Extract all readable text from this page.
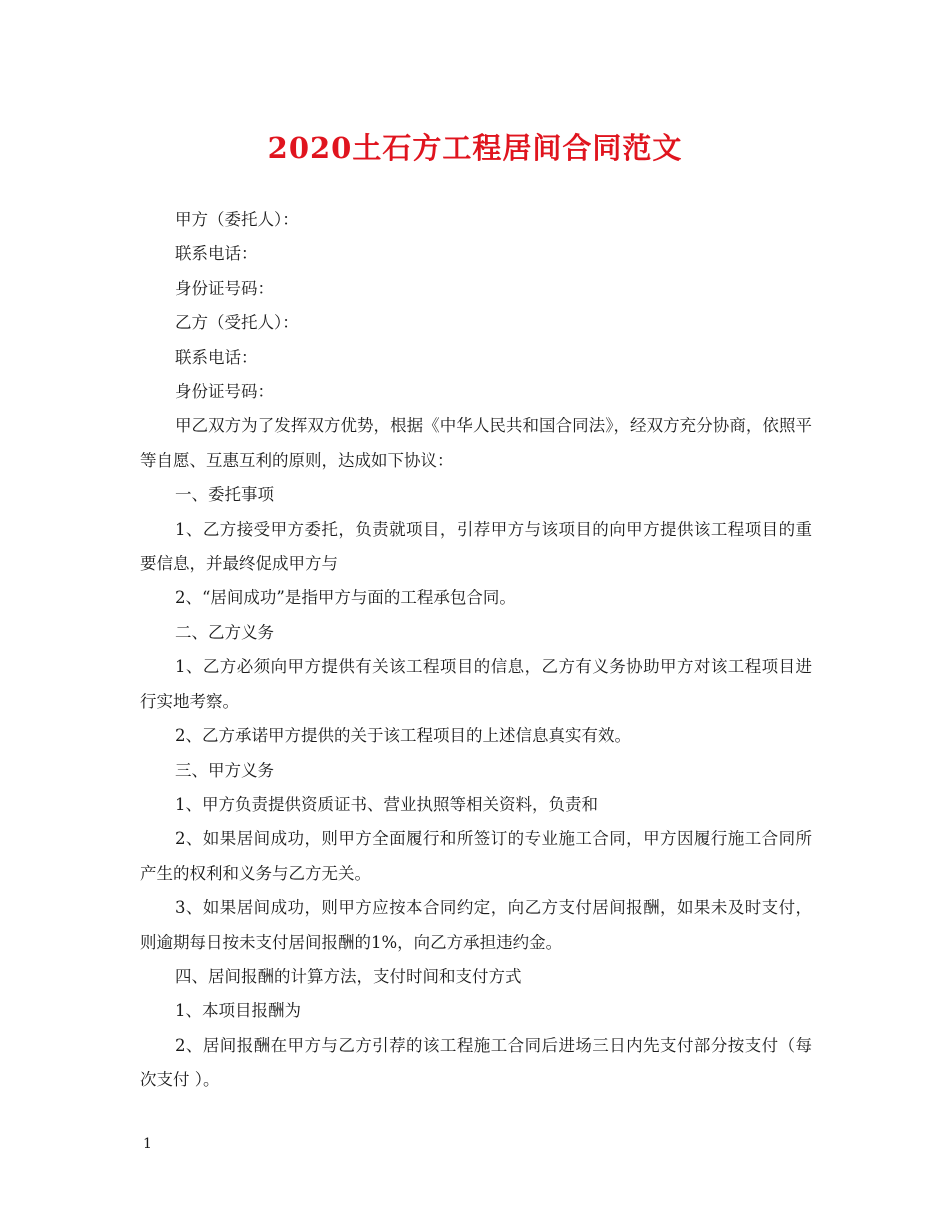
2020土石方工程居间合同范文

甲方（委托人）：

联系电话：

身份证号码：

乙方（受托人）：

联系电话：

身份证号码：

甲乙双方为了发挥双方优势，根据《中华人民共和国合同法》，经双方充分协商，依照平等自愿、互惠互利的原则，达成如下协议：

一、委托事项

1、乙方接受甲方委托，负责就项目，引荐甲方与该项目的向甲方提供该工程项目的重要信息，并最终促成甲方与

2、“居间成功”是指甲方与面的工程承包合同。

二、乙方义务

1、乙方必须向甲方提供有关该工程项目的信息，乙方有义务协助甲方对该工程项目进行实地考察。

2、乙方承诺甲方提供的关于该工程项目的上述信息真实有效。

三、甲方义务

1、甲方负责提供资质证书、营业执照等相关资料，负责和

2、如果居间成功，则甲方全面履行和所签订的专业施工合同，甲方因履行施工合同所产生的权利和义务与乙方无关。

3、如果居间成功，则甲方应按本合同约定，向乙方支付居间报酬，如果未及时支付，则逾期每日按未支付居间报酬的1%，向乙方承担违约金。

四、居间报酬的计算方法，支付时间和支付方式

1、本项目报酬为

2、居间报酬在甲方与乙方引荐的该工程施工合同后进场三日内先支付部分按支付（每次支付 ）。

1
